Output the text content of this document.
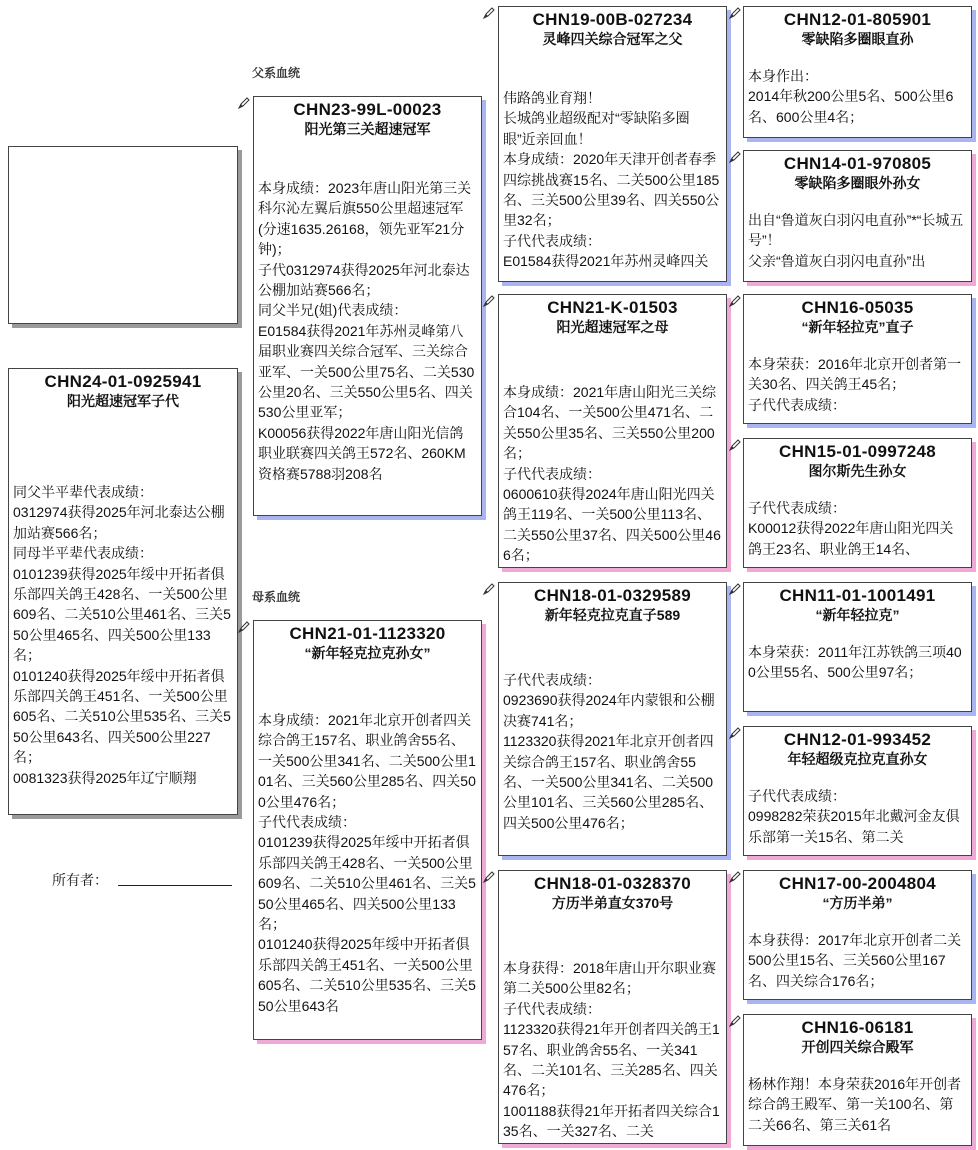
父系血统
母系血统
CHN24-01-0925941
阳光超速冠军子代
同父半平辈代表成绩：
0312974获得2025年河北泰达公棚加站赛566名；
同母半平辈代表成绩：
0101239获得2025年绥中开拓者俱乐部四关鸽王428名、一关500公里609名、二关510公里461名、三关550公里465名、四关500公里133名；
0101240获得2025年绥中开拓者俱乐部四关鸽王451名、一关500公里605名、二关510公里535名、三关550公里643名、四关500公里227名；
0081323获得2025年辽宁顺翔
所有者：
CHN23-99L-00023
阳光第三关超速冠军
本身成绩：2023年唐山阳光第三关科尔沁左翼后旗550公里超速冠军(分速1635.26168，领先亚军21分钟)；
子代0312974获得2025年河北泰达公棚加站赛566名；
同父半兄(姐)代表成绩：
E01584获得2021年苏州灵峰第八届职业赛四关综合冠军、三关综合亚军、一关500公里75名、二关530公里20名、三关550公里5名、四关530公里亚军；
K00056获得2022年唐山阳光信鸽职业联赛四关鸽王572名、260KM资格赛5788羽208名
CHN21-01-1123320
“新年轻克拉克孙女”
本身成绩：2021年北京开创者四关综合鸽王157名、职业鸽舍55名、一关500公里341名、二关500公里101名、三关560公里285名、四关500公里476名；
子代代表成绩：
0101239获得2025年绥中开拓者俱乐部四关鸽王428名、一关500公里609名、二关510公里461名、三关550公里465名、四关500公里133名；
0101240获得2025年绥中开拓者俱乐部四关鸽王451名、一关500公里605名、二关510公里535名、三关550公里643名
CHN19-00B-027234
灵峰四关综合冠军之父
伟路鸽业育翔！
长城鸽业超级配对“零缺陷多圈眼”近亲回血！
本身成绩：2020年天津开创者春季四综挑战赛15名、二关500公里185名、三关500公里39名、四关550公里32名；
子代代表成绩：
E01584获得2021年苏州灵峰四关
CHN21-K-01503
阳光超速冠军之母
本身成绩：2021年唐山阳光三关综合104名、一关500公里471名、二关550公里35名、三关550公里200名；
子代代表成绩：
0600610获得2024年唐山阳光四关鸽王119名、一关500公里113名、二关550公里37名、四关500公里466名；
CHN18-01-0329589
新年轻克拉克直子589
子代代表成绩：
0923690获得2024年内蒙银和公棚决赛741名；
1123320获得2021年北京开创者四关综合鸽王157名、职业鸽舍55名、一关500公里341名、二关500公里101名、三关560公里285名、四关500公里476名；
CHN18-01-0328370
方历半弟直女370号
本身获得：2018年唐山开尔职业赛第二关500公里82名；
子代代表成绩：
1123320获得21年开创者四关鸽王157名、职业鸽舍55名、一关341名、二关101名、三关285名、四关476名；
1001188获得21年开拓者四关综合135名、一关327名、二关
CHN12-01-805901
零缺陷多圈眼直孙
本身作出：
2014年秋200公里5名、500公里6名、600公里4名；
CHN14-01-970805
零缺陷多圈眼外孙女
出自“鲁道灰白羽闪电直孙”*“长城五号”！
父亲“鲁道灰白羽闪电直孙”出
CHN16-05035
“新年轻拉克”直子
本身荣获：2016年北京开创者第一关30名、四关鸽王45名；
子代代表成绩：
CHN15-01-0997248
图尔斯先生孙女
子代代表成绩：
K00012获得2022年唐山阳光四关鸽王23名、职业鸽王14名、
CHN11-01-1001491
“新年轻拉克”
本身荣获：2011年江苏铁鸽三项400公里55名、500公里97名；
CHN12-01-993452
年轻超级克拉克直孙女
子代代表成绩：
0998282荣获2015年北戴河金友俱乐部第一关15名、第二关
CHN17-00-2004804
“方历半弟”
本身获得：2017年北京开创者二关500公里15名、三关560公里167名、四关综合176名；
CHN16-06181
开创四关综合殿军
杨林作翔！本身荣获2016年开创者综合鸽王殿军、第一关100名、第二关66名、第三关61名
